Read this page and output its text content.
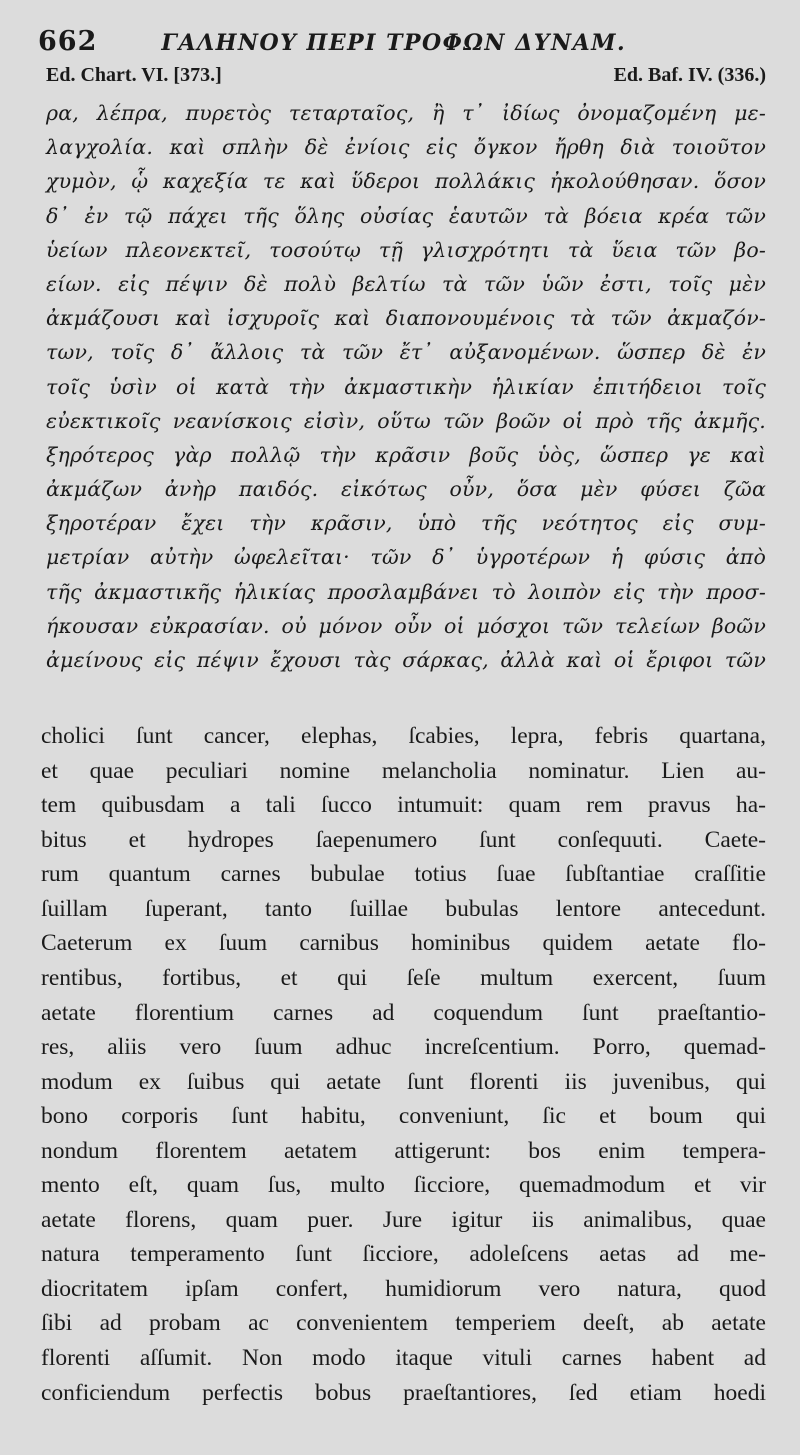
662	ΓΑΛΗΝΟΥ ΠΕΡΙ ΤΡΟΦΩΝ ΔΥΝΑΜ.
Ed. Chart. VI. [373.]	Ed. Baf. IV. (336.)
ρα, λέπρα, πυρετὸς τεταρταῖος, ἢ τ᾽ ἰδίως ὀνομαζομένη με-
λαγχολία. καὶ σπλὴν δὲ ἐνίοις εἰς ὄγκον ἤρθη διὰ τοιοῦτον
χυμὸν, ᾧ καχεξία τε καὶ ὕδεροι πολλάκις ἠκολούθησαν. ὅσον
δ᾽ ἐν τῷ πάχει τῆς ὅλης οὐσίας ἑαυτῶν τὰ βόεια κρέα τῶν
ὑείων πλεονεκτεῖ, τοσούτῳ τῇ γλισχρότητι τὰ ὕεια τῶν βο-
είων. εἰς πέψιν δὲ πολὺ βελτίω τὰ τῶν ὑῶν ἐστι, τοῖς μὲν
ἀκμάζουσι καὶ ἰσχυροῖς καὶ διαπονουμένοις τὰ τῶν ἀκμαζόν-
των, τοῖς δ᾽ ἄλλοις τὰ τῶν ἔτ᾽ αὐξανομένων. ὥσπερ δὲ ἐν
τοῖς ὑσὶν οἱ κατὰ τὴν ἀκμαστικὴν ἡλικίαν ἐπιτήδειοι τοῖς
εὐεκτικοῖς νεανίσκοις εἰσὶν, οὕτω τῶν βοῶν οἱ πρὸ τῆς ἀκμῆς.
ξηρότερος γὰρ πολλῷ τὴν κρᾶσιν βοῦς ὑὸς, ὥσπερ γε καὶ
ἀκμάζων ἀνὴρ παιδός. εἰκότως οὖν, ὅσα μὲν φύσει ζῶα
ξηροτέραν ἔχει τὴν κρᾶσιν, ὑπὸ τῆς νεότητος εἰς συμ-
μετρίαν αὐτὴν ὠφελεῖται· τῶν δ᾽ ὑγροτέρων ἡ φύσις ἀπὸ
τῆς ἀκμαστικῆς ἡλικίας προσλαμβάνει τὸ λοιπὸν εἰς τὴν προσ-
ήκουσαν εὐκρασίαν. οὐ μόνον οὖν οἱ μόσχοι τῶν τελείων βοῶν
ἀμείνους εἰς πέψιν ἔχουσι τὰς σάρκας, ἀλλὰ καὶ οἱ ἔριφοι τῶν
cholici ſunt cancer, elephas, ſcabies, lepra, febris quartana,
et quae peculiari nomine melancholia nominatur. Lien au-
tem quibusdam a tali ſucco intumuit: quam rem pravus ha-
bitus et hydropes ſaepenumero ſunt conſequuti. Caete-
rum quantum carnes bubulae totius ſuae ſubſtantiae craſſitie
ſuillam ſuperant, tanto ſuillae bubulas lentore antecedunt.
Caeterum ex ſuum carnibus hominibus quidem aetate flo-
rentibus, fortibus, et qui ſeſe multum exercent, ſuum
aetate florentium carnes ad coquendum ſunt praeſtantio-
res, aliis vero ſuum adhuc increſcentium. Porro, quemad-
modum ex ſuibus qui aetate ſunt florenti iis juvenibus, qui
bono corporis ſunt habitu, conveniunt, ſic et boum qui
nondum florentem aetatem attigerunt: bos enim tempera-
mento eſt, quam ſus, multo ſicciore, quemadmodum et vir
aetate florens, quam puer. Jure igitur iis animalibus, quae
natura temperamento ſunt ſicciore, adoleſcens aetas ad me-
diocritatem ipſam confert, humidiorum vero natura, quod
ſibi ad probam ac convenientem temperiem deeſt, ab aetate
florenti aſſumit. Non modo itaque vituli carnes habent ad
conficiendum perfectis bobus praeſtantiores, ſed etiam hoedi
